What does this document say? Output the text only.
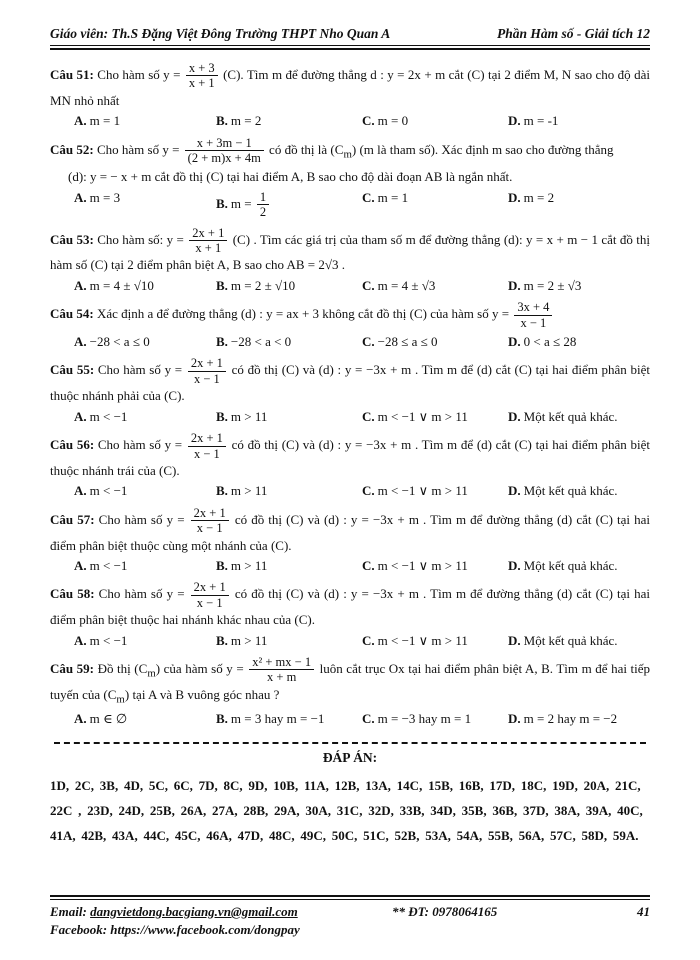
Giáo viên: Th.S Đặng Việt Đông Trường THPT Nho Quan A	Phần Hàm số - Giải tích 12

Câu 51: Cho hàm số $y = \frac{x + 3}{x + 1} (C)$. Tìm m để đường thẳng d : y = 2x + m cắt (C) tại 2 điểm M, N sao cho độ dài MN nhỏ nhất

A. m = 1	B. m = 2	C. m = 0	D. m = -1

Câu 52: Cho hàm số $y = \frac{x + 3m - 1}{(2 + m)x + 4m}$ có đồ thị là $(C_m)$ (m là tham số). Xác định m sao cho đường thẳng

(d): y = − x + m cắt đồ thị (C) tại hai điểm A, B sao cho độ dài đoạn AB là ngắn nhất.
A. m = 3	B. $m = \frac{1}{2}$	C. m = 1	D. m = 2

Câu 53: Cho hàm số: $y = \frac{2x + 1}{x + 1} (C)$ . Tìm các giá trị của tham số m để đường thẳng (d): y = x + m − 1 cắt đồ thị hàm số (C) tại 2 điểm phân biệt A, B sao cho AB = 2√3 .

A. m = 4 ± √10	B. m = 2 ± √10	C. m = 4 ± √3	D. m = 2 ± √3

Câu 54: Xác định a để đường thẳng (d) : y = ax + 3 không cắt đồ thị (C) của hàm số $y = \frac{3x + 4}{x - 1}$

A. −28 < a ≤ 0	B. −28 < a < 0	C. −28 ≤ a ≤ 0	D. 0 < a ≤ 28

Câu 55: Cho hàm số $y = \frac{2x + 1}{x - 1}$ có đồ thị (C) và (d) : y = −3x + m . Tìm m để (d) cắt (C) tại hai điểm phân biệt thuộc nhánh phải của (C).

A. m < −1	B. m > 11	C. m < −1 ∨ m > 11	D. Một kết quả khác.

Câu 56: Cho hàm số $y = \frac{2x + 1}{x - 1}$ có đồ thị (C) và (d) : y = −3x + m . Tìm m để (d) cắt (C) tại hai điểm phân biệt thuộc nhánh trái của (C).

A. m < −1	B. m > 11	C. m < −1 ∨ m > 11	D. Một kết quả khác.

Câu 57: Cho hàm số $y = \frac{2x + 1}{x - 1}$ có đồ thị (C) và (d) : y = −3x + m . Tìm m để đường thẳng (d) cắt (C) tại hai điểm phân biệt thuộc cùng một nhánh của (C).

A. m < −1	B. m > 11	C. m < −1 ∨ m > 11	D. Một kết quả khác.

Câu 58: Cho hàm số $y = \frac{2x + 1}{x - 1}$ có đồ thị (C) và (d) : y = −3x + m . Tìm m để đường thẳng (d) cắt (C) tại hai điểm phân biệt thuộc hai nhánh khác nhau của (C).

A. m < −1	B. m > 11	C. m < −1 ∨ m > 11	D. Một kết quả khác.

Câu 59: Đồ thị $(C_m)$ của hàm số $y = \frac{\text{x² + mx − 1}}{x + m}$ luôn cắt trục Ox tại hai điểm phân biệt A, B. Tìm m để hai tiếp tuyến của $(C_m)$ tại A và B vuông góc nhau ?

A. m ∈ ∅	B. m = 3 hay m = −1	C. m = −3 hay m = 1	D. m = 2 hay m = −2
ĐÁP ÁN:
1D, 2C, 3B, 4D, 5C, 6C, 7D, 8C, 9D, 10B, 11A, 12B, 13A, 14C, 15B, 16B, 17D, 18C, 19D, 20A, 21C,
22C , 23D, 24D, 25B, 26A, 27A, 28B, 29A, 30A, 31C, 32D, 33B, 34D, 35B, 36B, 37D, 38A, 39A, 40C,
41A, 42B, 43A, 44C, 45C, 46A, 47D, 48C, 49C, 50C, 51C, 52B, 53A, 54A, 55B, 56A, 57C, 58D, 59A.
Email: dangvietdong.bacgiang.vn@gmail.com
Facebook: https://www.facebook.com/dongpay
** ĐT: 0978064165	41
